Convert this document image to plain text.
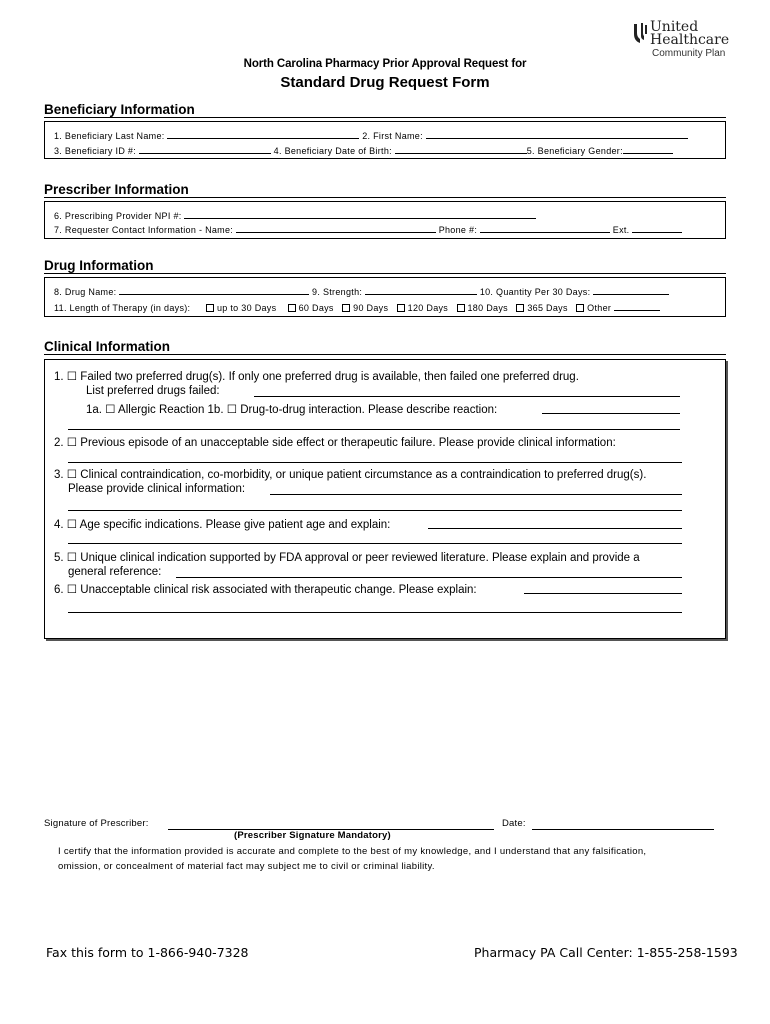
United
Healthcare
Community Plan
North Carolina Pharmacy Prior Approval Request for
Standard Drug Request Form
Beneficiary Information
1. Beneficiary Last Name:	2. First Name:
3. Beneficiary ID #:	4. Beneficiary Date of Birth:	5. Beneficiary Gender:
Prescriber Information
6. Prescribing Provider NPI #:
7. Requester Contact Information - Name:	Phone #:	Ext.
Drug Information
8. Drug Name:	9. Strength:	10. Quantity Per 30 Days:
11. Length of Therapy (in days):	up to 30 Days 60 Days 90 Days 120 Days 180 Days 365 Days Other
Clinical Information
1. ☐ Failed two preferred drug(s). If only one preferred drug is available, then failed one preferred drug.
List preferred drugs failed:
1a. ☐ Allergic Reaction 1b. ☐ Drug-to-drug interaction. Please describe reaction:
2. ☐ Previous episode of an unacceptable side effect or therapeutic failure. Please provide clinical information:
3. ☐ Clinical contraindication, co-morbidity, or unique patient circumstance as a contraindication to preferred drug(s).
Please provide clinical information:
4. ☐ Age specific indications. Please give patient age and explain:
5. ☐ Unique clinical indication supported by FDA approval or peer reviewed literature. Please explain and provide a
general reference:
6. ☐ Unacceptable clinical risk associated with therapeutic change. Please explain:
Signature of Prescriber:	Date:
(Prescriber Signature Mandatory)
I certify that the information provided is accurate and complete to the best of my knowledge, and I understand that any falsification,
omission, or concealment of material fact may subject me to civil or criminal liability.
Fax this form to 1-866-940-7328	Pharmacy PA Call Center: 1-855-258-1593
